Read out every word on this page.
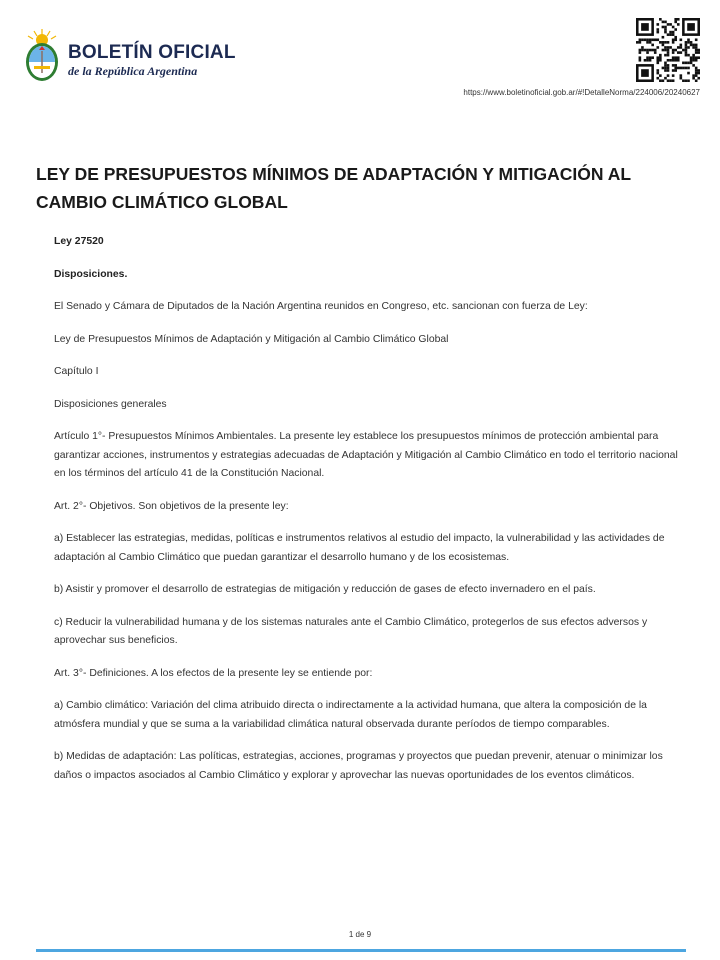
BOLETÍN OFICIAL
de la República Argentina
https://www.boletinoficial.gob.ar/#!DetalleNorma/224006/20240627
LEY DE PRESUPUESTOS MÍNIMOS DE ADAPTACIÓN Y MITIGACIÓN AL CAMBIO CLIMÁTICO GLOBAL

Ley 27520

Disposiciones.

El Senado y Cámara de Diputados de la Nación Argentina reunidos en Congreso, etc. sancionan con fuerza de Ley:

Ley de Presupuestos Mínimos de Adaptación y Mitigación al Cambio Climático Global

Capítulo I

Disposiciones generales

Artículo 1°- Presupuestos Mínimos Ambientales. La presente ley establece los presupuestos mínimos de protección ambiental para garantizar acciones, instrumentos y estrategias adecuadas de Adaptación y Mitigación al Cambio Climático en todo el territorio nacional en los términos del artículo 41 de la Constitución Nacional.

Art. 2°- Objetivos. Son objetivos de la presente ley:

a) Establecer las estrategias, medidas, políticas e instrumentos relativos al estudio del impacto, la vulnerabilidad y las actividades de adaptación al Cambio Climático que puedan garantizar el desarrollo humano y de los ecosistemas.

b) Asistir y promover el desarrollo de estrategias de mitigación y reducción de gases de efecto invernadero en el país.

c) Reducir la vulnerabilidad humana y de los sistemas naturales ante el Cambio Climático, protegerlos de sus efectos adversos y aprovechar sus beneficios.

Art. 3°- Definiciones. A los efectos de la presente ley se entiende por:

a) Cambio climático: Variación del clima atribuido directa o indirectamente a la actividad humana, que altera la composición de la atmósfera mundial y que se suma a la variabilidad climática natural observada durante períodos de tiempo comparables.

b) Medidas de adaptación: Las políticas, estrategias, acciones, programas y proyectos que puedan prevenir, atenuar o minimizar los daños o impactos asociados al Cambio Climático y explorar y aprovechar las nuevas oportunidades de los eventos climáticos.

1 de 9
